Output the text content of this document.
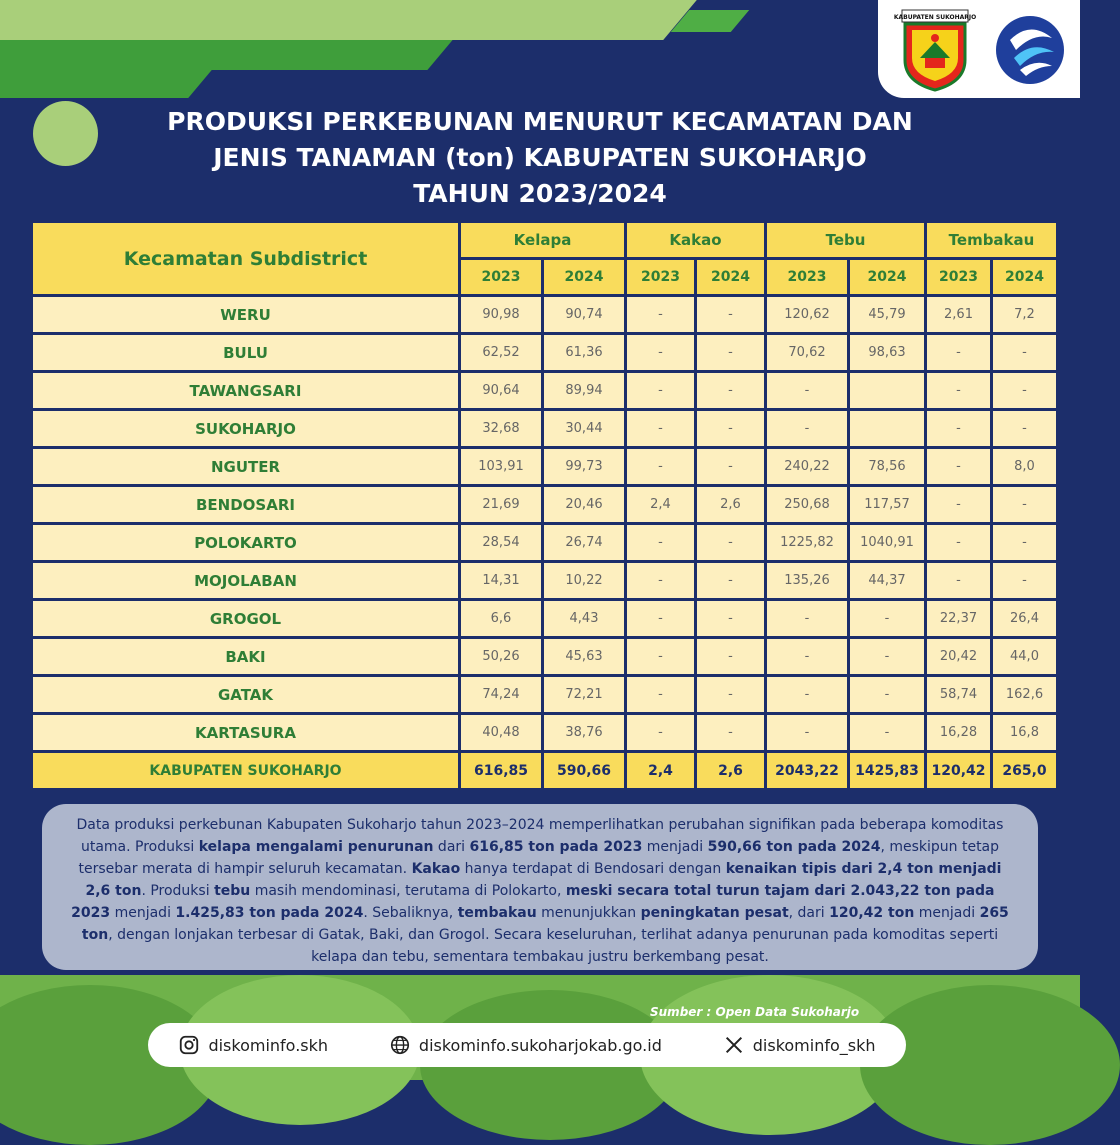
KABUPATEN SUKOHARJO
PRODUKSI PERKEBUNAN MENURUT KECAMATAN DAN
JENIS TANAMAN (ton) KABUPATEN SUKOHARJO
TAHUN 2023/2024
Kecamatan Subdistrict	Kelapa		Kakao		Tebu		Tembakau	
	2023	2024	2023	2024	2023	2024	2023	2024
WERU	90,98	90,74	-	-	120,62	45,79	2,61	7,2
BULU	62,52	61,36	-	-	70,62	98,63	-	-
TAWANGSARI	90,64	89,94	-	-	-		-	-
SUKOHARJO	32,68	30,44	-	-	-		-	-
NGUTER	103,91	99,73	-	-	240,22	78,56	-	8,0
BENDOSARI	21,69	20,46	2,4	2,6	250,68	117,57	-	-
POLOKARTO	28,54	26,74	-	-	1225,82	1040,91	-	-
MOJOLABAN	14,31	10,22	-	-	135,26	44,37	-	-
GROGOL	6,6	4,43	-	-	-	-	22,37	26,4
BAKI	50,26	45,63	-	-	-	-	20,42	44,0
GATAK	74,24	72,21	-	-	-	-	58,74	162,6
KARTASURA	40,48	38,76	-	-	-	-	16,28	16,8
KABUPATEN SUKOHARJO	616,85	590,66	2,4	2,6	2043,22	1425,83	120,42	265,0
Data produksi perkebunan Kabupaten Sukoharjo tahun 2023–2024 memperlihatkan perubahan signifikan pada beberapa komoditas utama. Produksi kelapa mengalami penurunan dari 616,85 ton pada 2023 menjadi 590,66 ton pada 2024, meskipun tetap tersebar merata di hampir seluruh kecamatan. Kakao hanya terdapat di Bendosari dengan kenaikan tipis dari 2,4 ton menjadi 2,6 ton. Produksi tebu masih mendominasi, terutama di Polokarto, meski secara total turun tajam dari 2.043,22 ton pada 2023 menjadi 1.425,83 ton pada 2024. Sebaliknya, tembakau menunjukkan peningkatan pesat, dari 120,42 ton menjadi 265 ton, dengan lonjakan terbesar di Gatak, Baki, dan Grogol. Secara keseluruhan, terlihat adanya penurunan pada komoditas seperti kelapa dan tebu, sementara tembakau justru berkembang pesat.
Sumber : Open Data Sukoharjo
diskominfo.skh	diskominfo.sukoharjokab.go.id	diskominfo_skh
